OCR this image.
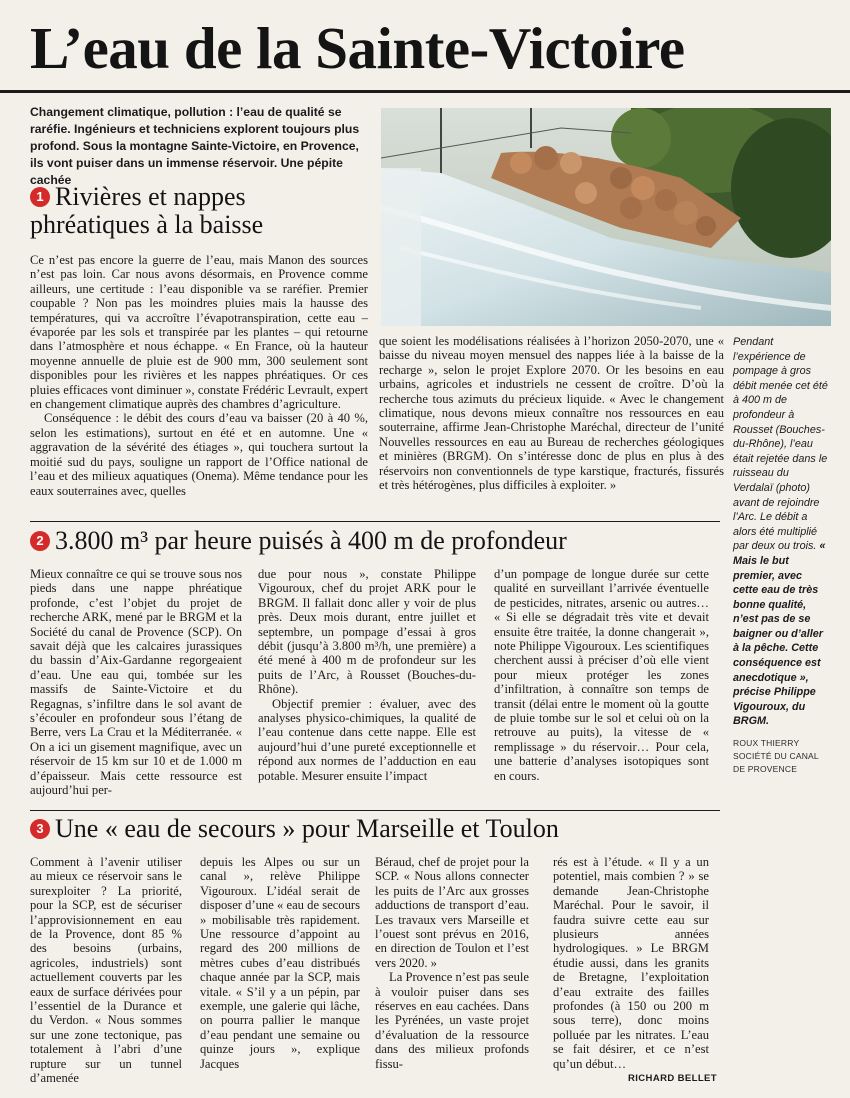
L’eau de la Sainte-Victoire
Changement climatique, pollution : l’eau de qualité se raréfie. Ingénieurs et techniciens explorent toujours plus profond. Sous la montagne Sainte-Victoire, en Provence, ils vont puiser dans un immense réservoir. Une pépite cachée
1 Rivières et nappes
phréatiques à la baisse

Ce n’est pas encore la guerre de l’eau, mais Manon des sources n’est pas loin. Car nous avons désormais, en Provence comme ailleurs, une certitude : l’eau disponible va se raréfier. Premier coupable ? Non pas les moindres pluies mais la hausse des températures, qui va accroître l’évapotranspiration, cette eau – évaporée par les sols et transpirée par les plantes – qui retourne dans l’atmosphère et nous échappe. « En France, où la hauteur moyenne annuelle de pluie est de 900 mm, 300 seulement sont disponibles pour les rivières et les nappes phréatiques. Or ces pluies efficaces vont diminuer », constate Frédéric Levrault, expert en changement climatique auprès des chambres d’agriculture.

Conséquence : le débit des cours d’eau va baisser (20 à 40 %, selon les estimations), surtout en été et en automne. Une « aggravation de la sévérité des étiages », qui touchera surtout la moitié sud du pays, souligne un rapport de l’Office national de l’eau et des milieux aquatiques (Onema). Même tendance pour les eaux souterraines avec, quelles

que soient les modélisations réalisées à l’horizon 2050-2070, une « baisse du niveau moyen mensuel des nappes liée à la baisse de la recharge », selon le projet Explore 2070. Or les besoins en eau urbains, agricoles et industriels ne cessent de croître. D’où la recherche tous azimuts du précieux liquide. « Avec le changement climatique, nous devons mieux connaître nos ressources en eau souterraine, affirme Jean-Christophe Maréchal, directeur de l’unité Nouvelles ressources en eau au Bureau de recherches géologiques et minières (BRGM). On s’intéresse donc de plus en plus à des réservoirs non conventionnels de type karstique, fracturés, fissurés et très hétérogènes, plus difficiles à exploiter. »

Pendant l’expérience de pompage à gros débit menée cet été à 400 m de profondeur à Rousset (Bouches-du-Rhône), l’eau était rejetée dans le ruisseau du Verdalaï (photo) avant de rejoindre l’Arc. Le débit a alors été multiplié par deux ou trois. « Mais le but premier, avec cette eau de très bonne qualité, n’est pas de se baigner ou d’aller à la pêche. Cette conséquence est anecdotique », précise Philippe Vigouroux, du BRGM.
ROUX THIERRY
SOCIÉTÉ DU CANAL DE PROVENCE
2 3.800 m³ par heure puisés à 400 m de profondeur

Mieux connaître ce qui se trouve sous nos pieds dans une nappe phréatique profonde, c’est l’objet du projet de recherche ARK, mené par le BRGM et la Société du canal de Provence (SCP). On savait déjà que les calcaires jurassiques du bassin d’Aix-Gardanne regorgeaient d’eau. Une eau qui, tombée sur les massifs de Sainte-Victoire et du Regagnas, s’infiltre dans le sol avant de s’écouler en profondeur sous l’étang de Berre, vers La Crau et la Méditerranée. « On a ici un gisement magnifique, avec un réservoir de 15 km sur 10 et de 1.000 m d’épaisseur. Mais cette ressource est aujourd’hui per-

due pour nous », constate Philippe Vigouroux, chef du projet ARK pour le BRGM. Il fallait donc aller y voir de plus près. Deux mois durant, entre juillet et septembre, un pompage d’essai à gros débit (jusqu’à 3.800 m³/h, une première) a été mené à 400 m de profondeur sur les puits de l’Arc, à Rousset (Bouches-du-Rhône).

Objectif premier : évaluer, avec des analyses physico-chimiques, la qualité de l’eau contenue dans cette nappe. Elle est aujourd’hui d’une pureté exceptionnelle et répond aux normes de l’adduction en eau potable. Mesurer ensuite l’impact

d’un pompage de longue durée sur cette qualité en surveillant l’arrivée éventuelle de pesticides, nitrates, arsenic ou autres… « Si elle se dégradait très vite et devait ensuite être traitée, la donne changerait », note Philippe Vigouroux. Les scientifiques cherchent aussi à préciser d’où elle vient pour mieux protéger les zones d’infiltration, à connaître son temps de transit (délai entre le moment où la goutte de pluie tombe sur le sol et celui où on la retrouve au puits), la vitesse de « remplissage » du réservoir… Pour cela, une batterie d’analyses isotopiques sont en cours.

3 Une « eau de secours » pour Marseille et Toulon

Comment à l’avenir utiliser au mieux ce réservoir sans le surexploiter ? La priorité, pour la SCP, est de sécuriser l’approvisionnement en eau de la Provence, dont 85 % des besoins (urbains, agricoles, industriels) sont actuellement couverts par les eaux de surface dérivées pour l’essentiel de la Durance et du Verdon. « Nous sommes sur une zone tectonique, pas totalement à l’abri d’une rupture sur un tunnel d’amenée

depuis les Alpes ou sur un canal », relève Philippe Vigouroux. L’idéal serait de disposer d’une « eau de secours » mobilisable très rapidement. Une ressource d’appoint au regard des 200 millions de mètres cubes d’eau distribués chaque année par la SCP, mais vitale. « S’il y a un pépin, par exemple, une galerie qui lâche, on pourra pallier le manque d’eau pendant une semaine ou quinze jours », explique Jacques

Béraud, chef de projet pour la SCP. « Nous allons connecter les puits de l’Arc aux grosses adductions de transport d’eau. Les travaux vers Marseille et l’ouest sont prévus en 2016, en direction de Toulon et l’est vers 2020. »

La Provence n’est pas seule à vouloir puiser dans ses réserves en eau cachées. Dans les Pyrénées, un vaste projet d’évaluation de la ressource dans des milieux profonds fissu-

rés est à l’étude. « Il y a un potentiel, mais combien ? » se demande Jean-Christophe Maréchal. Pour le savoir, il faudra suivre cette eau sur plusieurs années hydrologiques. » Le BRGM étudie aussi, dans les granits de Bretagne, l’exploitation d’eau extraite des failles profondes (à 150 ou 200 m sous terre), donc moins polluée par les nitrates. L’eau se fait désirer, et ce n’est qu’un début…

RICHARD BELLET
